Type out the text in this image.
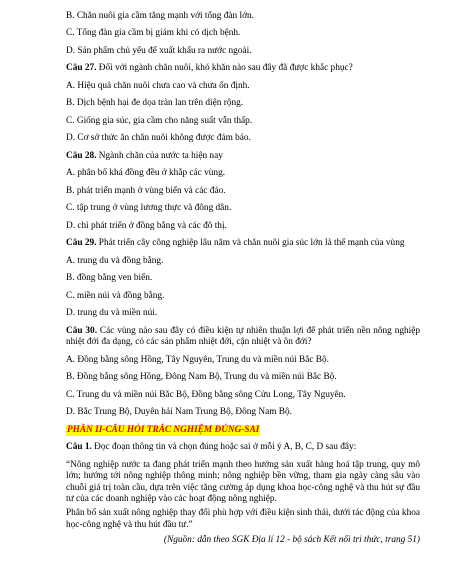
B. Chăn nuôi gia cầm tăng mạnh với tổng đàn lớn.
C. Tổng đàn gia cầm bị giảm khi có dịch bệnh.
D. Sản phẩm chủ yếu để xuất khẩu ra nước ngoài.
Câu 27. Đối với ngành chăn nuôi, khó khăn nào sau đây đã được khắc phục?
A. Hiệu quả chăn nuôi chưa cao và chưa ổn định.
B. Dịch bệnh hại đe dọa tràn lan trên diện rộng.
C. Giống gia súc, gia cầm cho năng suất vẫn thấp.
D. Cơ sở thức ăn chăn nuôi không được đảm bảo.
Câu 28. Ngành chăn của nước ta hiện nay
A. phân bố khá đồng đều ở khắp các vùng.
B. phát triển mạnh ở vùng biển và các đảo.
C. tập trung ở vùng lương thực và đông dân.
D. chỉ phát triển ở đồng bằng và các đô thị.
Câu 29. Phát triển cây công nghiệp lâu năm và chăn nuôi gia súc lớn là thế mạnh của vùng
A. trung du và đồng bằng.
B. đồng bằng ven biển.
C. miền núi và đồng bằng.
D. trung du và miền núi.
Câu 30. Các vùng nào sau đây có điều kiện tự nhiên thuận lợi để phát triển nền nông nghiệp nhiệt đới đa dạng, có các sản phẩm nhiệt đới, cận nhiệt và ôn đới?
A. Đồng bằng sông Hồng, Tây Nguyên, Trung du và miền núi Bắc Bộ.
B. Đồng bằng sông Hồng, Đông Nam Bộ, Trung du và miền núi Bắc Bộ.
C. Trung du và miền núi Bắc Bộ, Đồng bằng sông Cửu Long, Tây Nguyên.
D. Bắc Trung Bộ, Duyên hải Nam Trung Bộ, Đông Nam Bộ.
PHẦN II-CÂU HỎI TRẮC NGHIỆM ĐÚNG-SAI
Câu 1. Đọc đoạn thông tin và chọn đúng hoặc sai ở mỗi ý A, B, C, D sau đây:
“Nông nghiệp nước ta đang phát triển mạnh theo hướng sản xuất hàng hoá tập trung, quy mô lớn; hướng tới nông nghiệp thông minh; nông nghiệp bền vững, tham gia ngày càng sâu vào chuỗi giá trị toàn cầu, dựa trên việc tăng cường áp dụng khoa học-công nghệ và thu hút sự đầu tư của các doanh nghiệp vào các hoạt động nông nghiệp.
Phân bố sản xuất nông nghiệp thay đổi phù hợp với điều kiện sinh thái, dưới tác động của khoa học-công nghệ và thu hút đầu tư.”
(Nguồn: dẫn theo SGK Địa lí 12 - bộ sách Kết nối tri thức, trang 51)
